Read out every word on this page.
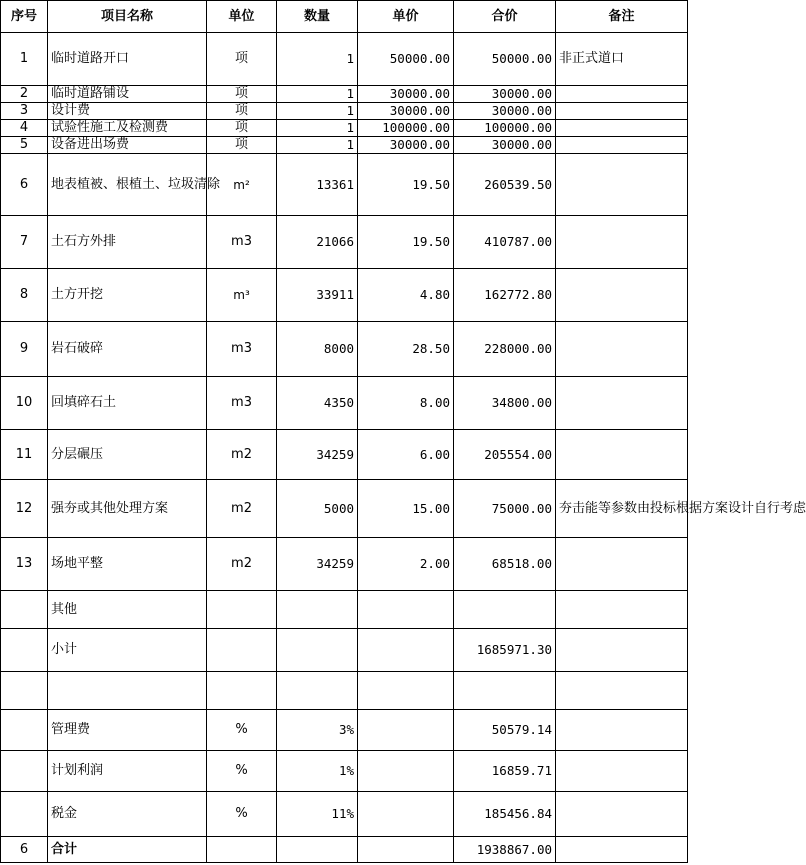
序号	项目名称	单位	数量	单价	合价	备注
1	临时道路开口	项	1	50000.00	50000.00	非正式道口
2	临时道路铺设	项	1	30000.00	30000.00	
3	设计费	项	1	30000.00	30000.00	
4	试验性施工及检测费	项	1	100000.00	100000.00	
5	设备进出场费	项	1	30000.00	30000.00	
6	地表植被、根植土、垃圾清除	m²	13361	19.50	260539.50	
7	土石方外排	m3	21066	19.50	410787.00	
8	土方开挖	m³	33911	4.80	162772.80	
9	岩石破碎	m3	8000	28.50	228000.00	
10	回填碎石土	m3	4350	8.00	34800.00	
11	分层碾压	m2	34259	6.00	205554.00	
12	强夯或其他处理方案	m2	5000	15.00	75000.00	夯击能等参数由投标根据方案设计自行考虑
13	场地平整	m2	34259	2.00	68518.00	
	其他					
	小计				1685971.30	

	管理费	%	3%		50579.14	
	计划利润	%	1%		16859.71	
	税金	%	11%		185456.84	
6	合计				1938867.00	
